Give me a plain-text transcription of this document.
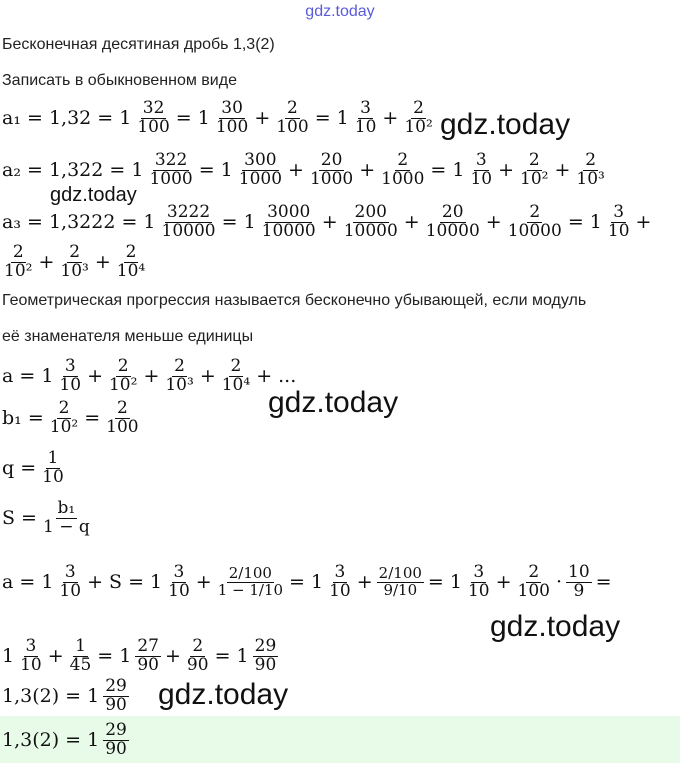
gdz.today
Бесконечная десятиная дробь 1,3(2)
Записать в обыкновенном виде
$a_1 = 1,32 = 1 \frac{32}{100} = 1 \frac{30}{100} + \frac{2}{100} = 1 \frac{3}{10} + \frac{2}{\text{10²}}$
$a_2 = 1,322 = 1 \frac{322}{1000} = 1 \frac{300}{1000} + \frac{20}{1000} + \frac{2}{1000} = 1 \frac{3}{10} + \frac{2}{\text{10²}} + \frac{2}{\text{10³}}$
$a_3 = 1,3222 = 1 \frac{3222}{10000} = 1 \frac{3000}{10000} + \frac{200}{10000} + \frac{20}{10000} + \frac{2}{10000} = 1 \frac{3}{10}$ +
$\frac{2}{\text{10²}} + \frac{2}{\text{10³}} + \frac{2}{\text{10⁴}}$
Геометрическая прогрессия называется бесконечно убывающей, если модуль
её знаменателя меньше единицы
$a = 1 \frac{3}{10} + \frac{2}{\text{10²}} + \frac{2}{\text{10³}} + \frac{2}{\text{10⁴}}$ + ...
$b_1 = \frac{2}{\text{10²}} = \frac{2}{100}$
$q = \frac{1}{10}$
$S = \frac{\text{b₁}}{1 - q}$
$a = 1 \frac{3}{10} + S = 1 \frac{3}{10} + \frac{2/100}{1 - 1/10} = 1 \frac{3}{10} + \frac{2/100}{9/10} = 1 \frac{3}{10} + \frac{2}{100} \cdot \frac{10}{9}$ =
$1 \frac{3}{10} + \frac{1}{45} = 1 \frac{27}{90} + \frac{2}{90} = 1 \frac{29}{90}$
$1,3(2) = 1 \frac{29}{90}$
$1,3(2) = 1 \frac{29}{90}$
gdz.today
gdz.today
gdz.today
gdz.today
gdz.today
